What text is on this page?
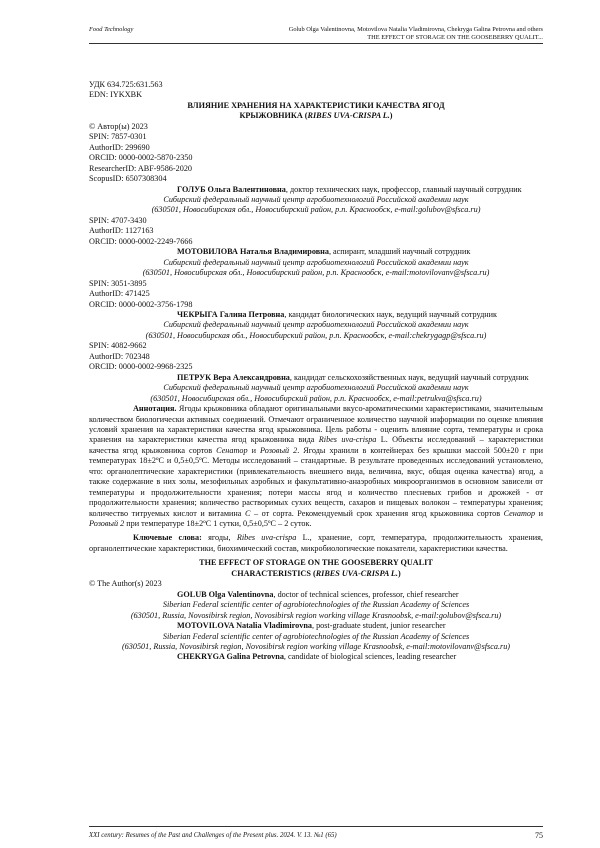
Food Technology	Golub Olga Valentinovna, Motovilova Natalia Vladimirovna, Chekryga Galina Petrovna and others
THE EFFECT OF STORAGE ON THE GOOSEBERRY QUALIT...

УДК 634.725:631.563

EDN: IYKXBK

ВЛИЯНИЕ ХРАНЕНИЯ НА ХАРАКТЕРИСТИКИ КАЧЕСТВА ЯГОД
КРЫЖОВНИКА (RIBES UVA-CRISPA L.)

© Автор(ы) 2023

SPIN: 7857-0301

AuthorID: 299690

ORCID: 0000-0002-5870-2350

ResearcherID: ABF-9586-2020

ScopusID: 6507308304

ГОЛУБ Ольга Валентиновна, доктор технических наук, профессор, главный научный сотрудник

Сибирский федеральный научный центр агробиотехнологий Российской академии наук

(630501, Новосибирская обл., Новосибирский район, р.п. Краснообск, e-mail:golubov@sfsca.ru)

SPIN: 4707-3430

AuthorID: 1127163

ORCID: 0000-0002-2249-7666

МОТОВИЛОВА Наталья Владимировна, аспирант, младший научный сотрудник

Сибирский федеральный научный центр агробиотехнологий Российской академии наук

(630501, Новосибирская обл., Новосибирский район, р.п. Краснообск, e-mail:motovilovanv@sfsca.ru)

SPIN: 3051-3895

AuthorID: 471425

ORCID: 0000-0002-3756-1798

ЧЕКРЫГА Галина Петровна, кандидат биологических наук, ведущий научный сотрудник

Сибирский федеральный научный центр агробиотехнологий Российской академии наук

(630501, Новосибирская обл., Новосибирский район, р.п. Краснообск, e-mail:chekrygagp@sfsca.ru)

SPIN: 4082-9662

AuthorID: 702348

ORCID: 0000-0002-9968-2325

ПЕТРУК Вера Александровна, кандидат сельскохозяйственных наук, ведущий научный сотрудник

Сибирский федеральный научный центр агробиотехнологий Российской академии наук

(630501, Новосибирская обл., Новосибирский район, р.п. Краснообск, e-mail:petrukva@sfsca.ru)

Аннотация. Ягоды крыжовника обладают оригинальными вкусо-ароматическими характеристиками, значительным количеством биологически активных соединений. Отмечают ограниченное количество научной информации по оценке влияния условий хранения на характеристики качества ягод крыжовника. Цель работы - оценить влияние сорта, температуры и срока хранения на характеристики качества ягод крыжовника вида Ribes uva-crispa L. Объекты исследований – характеристики качества ягод крыжовника сортов Сенатор и Розовый 2. Ягоды хранили в контейнерах без крышки массой 500±20 г при температурах 18±2ºС и 0,5±0,5ºС. Методы исследований – стандартные. В результате проведенных исследований установлено, что: органолептические характеристики (привлекательность внешнего вида, величина, вкус, общая оценка качества) ягод, а также содержание в них золы, мезофильных аэробных и факультативно-анаэробных микроорганизмов в основном зависели от температуры и продолжительности хранения; потери массы ягод и количество плесневых грибов и дрожжей - от продолжительности хранения; количество растворимых сухих веществ, сахаров и пищевых волокон – температуры хранения; количество титруемых кислот и витамина С – от сорта. Рекомендуемый срок хранения ягод крыжовника сортов Сенатор и Розовый 2 при температуре 18±2ºС 1 сутки, 0,5±0,5ºС – 2 суток.

Ключевые слова: ягоды, Ribes uva-crispa L., хранение, сорт, температура, продолжительность хранения, органолептические характеристики, биохимический состав, микробиологические показатели, характеристики качества.

THE EFFECT OF STORAGE ON THE GOOSEBERRY QUALIT
CHARACTERISTICS (RIBES UVA-CRISPA L.)

© The Author(s) 2023

GOLUB Olga Valentinovna, doctor of technical sciences, professor, chief researcher

Siberian Federal scientific center of agrobiotechnologies of the Russian Academy of Sciences

(630501, Russia, Novosibirsk region, Novosibirsk region working village Krasnoobsk, e-mail:golubov@sfsca.ru)

MOTOVILOVA Natalia Vladimirovna, post-graduate student, junior researcher

Siberian Federal scientific center of agrobiotechnologies of the Russian Academy of Sciences

(630501, Russia, Novosibirsk region, Novosibirsk region working village Krasnoobsk, e-mail:motovilovanv@sfsca.ru)

CHEKRYGA Galina Petrovna, candidate of biological sciences, leading researcher

XXI century: Resumes of the Past and Challenges of the Present plus. 2024. V. 13. №1 (65)	75
